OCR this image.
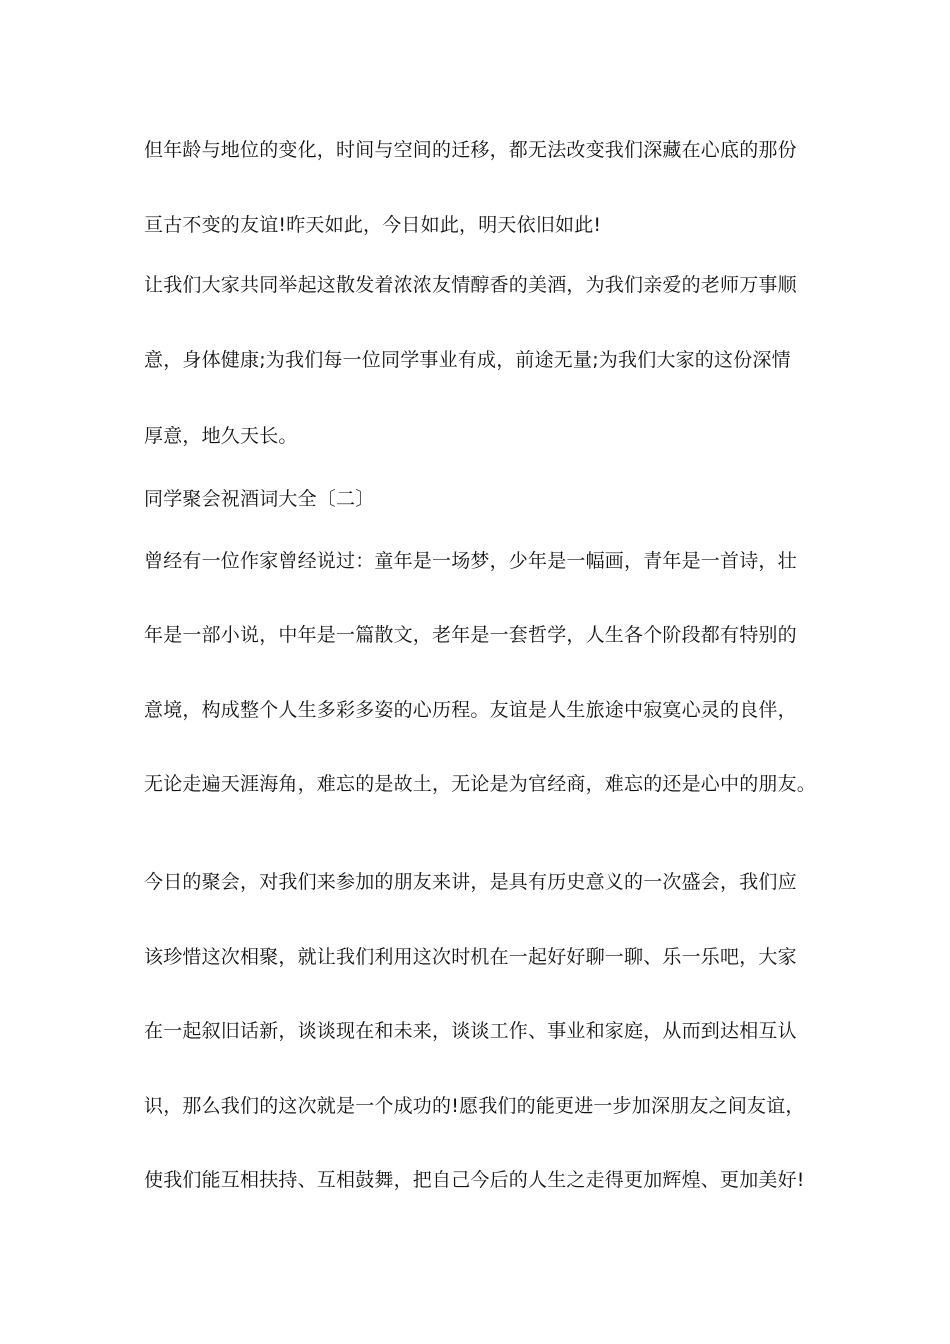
但年龄与地位的变化，时间与空间的迁移，都无法改变我们深藏在心底的那份
亘古不变的友谊!昨天如此，今日如此，明天依旧如此!
让我们大家共同举起这散发着浓浓友情醇香的美酒，为我们亲爱的老师万事顺
意，身体健康;为我们每一位同学事业有成，前途无量;为我们大家的这份深情
厚意，地久天长。
同学聚会祝酒词大全〔二〕
曾经有一位作家曾经说过：童年是一场梦，少年是一幅画，青年是一首诗，壮
年是一部小说，中年是一篇散文，老年是一套哲学，人生各个阶段都有特别的
意境，构成整个人生多彩多姿的心历程。友谊是人生旅途中寂寞心灵的良伴，
无论走遍天涯海角，难忘的是故土，无论是为官经商，难忘的还是心中的朋友。
今日的聚会，对我们来参加的朋友来讲，是具有历史意义的一次盛会，我们应
该珍惜这次相聚，就让我们利用这次时机在一起好好聊一聊、乐一乐吧，大家
在一起叙旧话新，谈谈现在和未来，谈谈工作、事业和家庭，从而到达相互认
识，那么我们的这次就是一个成功的!愿我们的能更进一步加深朋友之间友谊，
使我们能互相扶持、互相鼓舞，把自己今后的人生之走得更加辉煌、更加美好!
